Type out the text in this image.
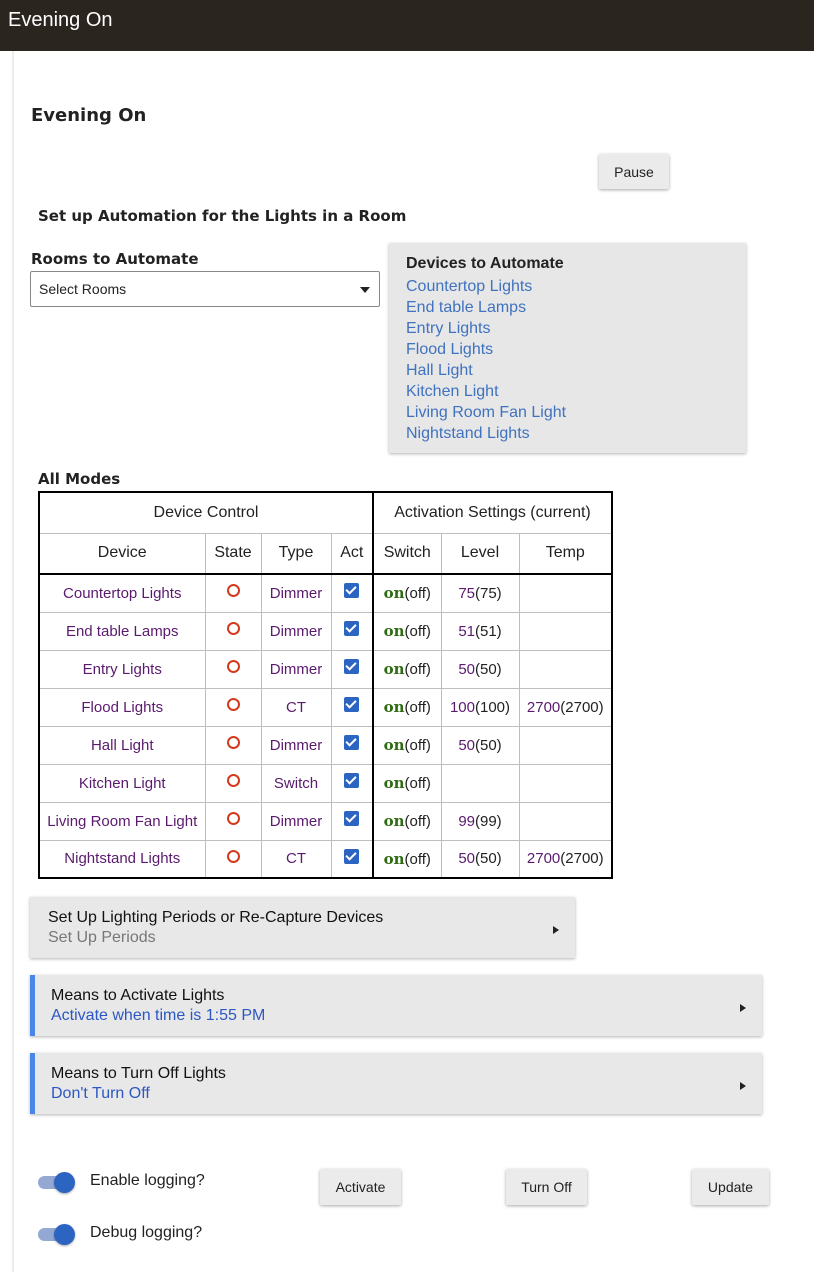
Evening On
Evening On
Pause
Set up Automation for the Lights in a Room
Rooms to Automate
Select Rooms
Devices to Automate
Countertop Lights
End table Lamps
Entry Lights
Flood Lights
Hall Light
Kitchen Light
Living Room Fan Light
Nightstand Lights
All Modes
Device Control				Activation Settings (current)		
Device	State	Type	Act	Switch	Level	Temp
Countertop Lights		Dimmer		on(off)	75(75)	
End table Lamps		Dimmer		on(off)	51(51)	
Entry Lights		Dimmer		on(off)	50(50)	
Flood Lights		CT		on(off)	100(100)	2700(2700)
Hall Light		Dimmer		on(off)	50(50)	
Kitchen Light		Switch		on(off)		
Living Room Fan Light		Dimmer		on(off)	99(99)	
Nightstand Lights		CT		on(off)	50(50)	2700(2700)
Set Up Lighting Periods or Re-Capture Devices
Set Up Periods
Means to Activate Lights
Activate when time is 1:55 PM
Means to Turn Off Lights
Don't Turn Off
Enable logging?
Debug logging?
Activate	Turn Off	Update
